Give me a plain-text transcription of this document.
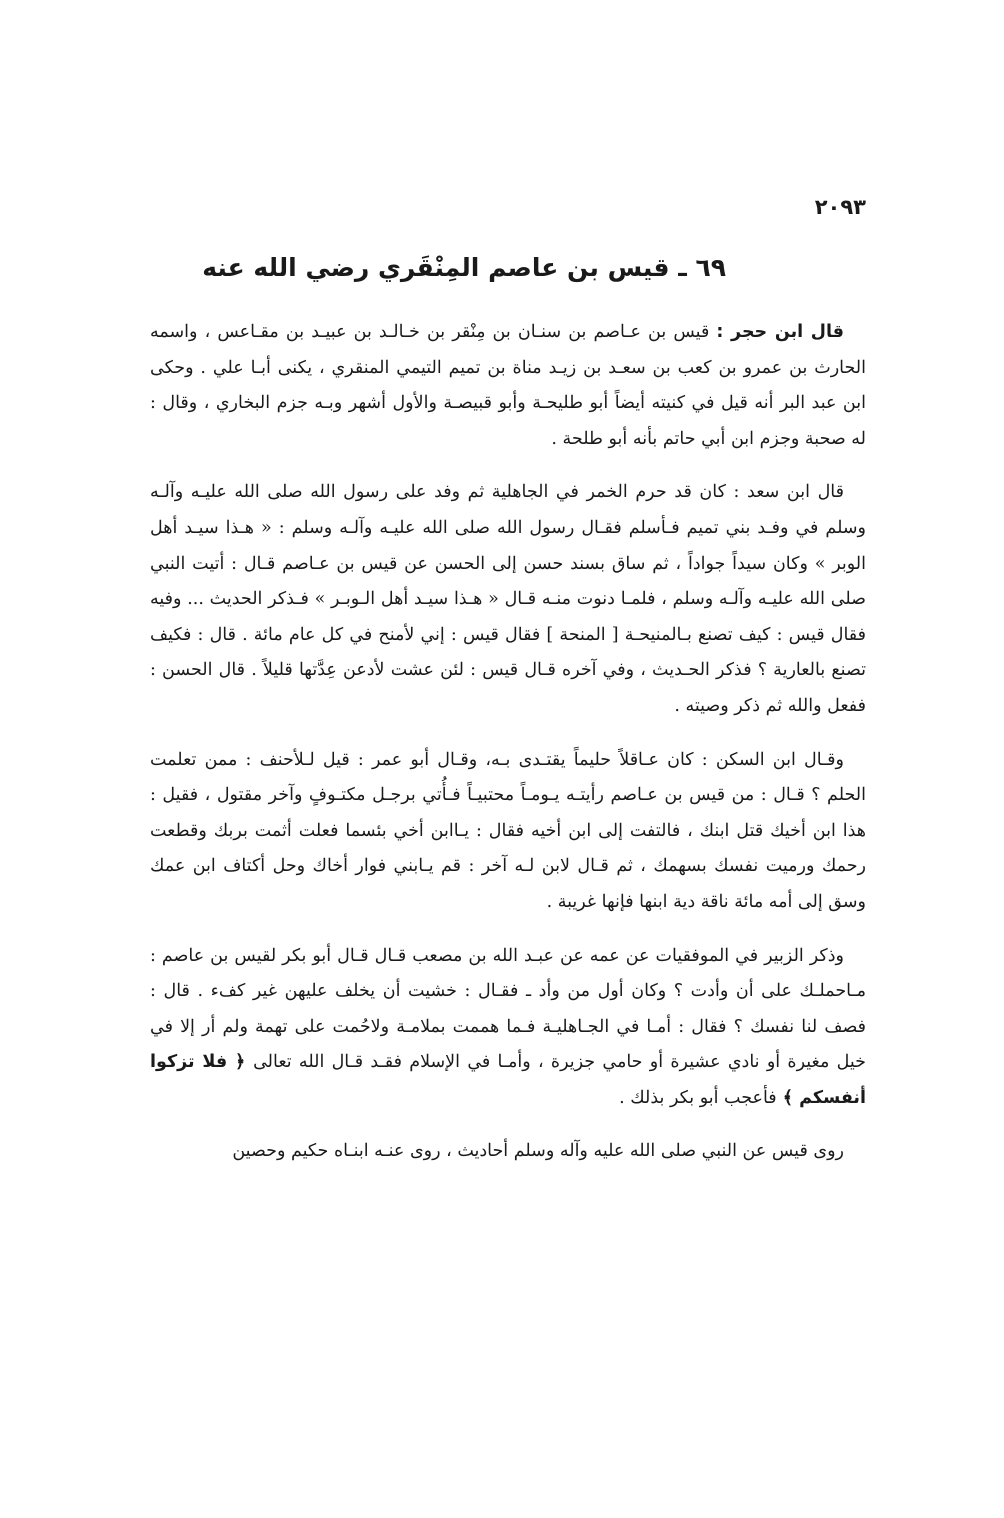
٢٠٩٣
٦٩ ـ قيس بن عاصم المِنْقَري رضي الله عنه

قال ابن حجر : قيس بن عـاصم بن سنـان بن مِنْقر بن خـالـد بن عبيـد بن مقـاعس ، واسمه الحارث بن عمرو بن كعب بن سعـد بن زيـد مناة بن تميم التيمي المنقري ، يكنى أبـا علي . وحكى ابن عبد البر أنه قيل في كنيته أيضاً أبو طليحـة وأبو قبيصـة والأول أشهر وبـه جزم البخاري ، وقال : له صحبة وجزم ابن أبي حاتم بأنه أبو طلحة .

قال ابن سعد : كان قد حرم الخمر في الجاهلية ثم وفد على رسول الله صلى الله عليـه وآلـه وسلم في وفـد بني تميم فـأسلم فقـال رسول الله صلى الله عليـه وآلـه وسلم : « هـذا سيـد أهل الوبر » وكان سيداً جواداً ، ثم ساق بسند حسن إلى الحسن عن قيس بن عـاصم قـال : أتيت النبي صلى الله عليـه وآلـه وسلم ، فلمـا دنوت منـه قـال « هـذا سيـد أهل الـوبـر » فـذكر الحديث ... وفيه فقال قيس : كيف تصنع بـالمنيحـة [ المنحة ] فقال قيس : إني لأمنح في كل عام مائة . قال : فكيف تصنع بالعارية ؟ فذكر الحـديث ، وفي آخره قـال قيس : لئن عشت لأدعن عِدَّتها قليلاً . قال الحسن : ففعل والله ثم ذكر وصيته .

وقـال ابن السكن : كان عـاقلاً حليماً يقتـدى بـه، وقـال أبو عمر : قيل لـلأحنف : ممن تعلمت الحلم ؟ قـال : من قيس بن عـاصم رأيتـه يـومـاً محتبيـاً فـأُتي برجـل مكتـوفٍ وآخر مقتول ، فقيل : هذا ابن أخيك قتل ابنك ، فالتفت إلى ابن أخيه فقال : يـاابن أخي بئسما فعلت أثمت بربك وقطعت رحمك ورميت نفسك بسهمك ، ثم قـال لابن لـه آخر : قم يـابني فوار أخاك وحل أكتاف ابن عمك وسق إلى أمه مائة ناقة دية ابنها فإنها غريبة .

وذكر الزبير في الموفقيات عن عمه عن عبـد الله بن مصعب قـال قـال أبو بكر لقيس بن عاصم : مـاحملـك على أن وأدت ؟ وكان أول من وأد ـ فقـال : خشيت أن يخلف عليهن غير كفء . قال : فصف لنا نفسك ؟ فقال : أمـا في الجـاهليـة فـما هممت بملامـة ولاحُمت على تهمة ولم أر إلا في خيل مغيرة أو نادي عشيرة أو حامي جزيرة ، وأمـا في الإسلام فقـد قـال الله تعالى ﴿ فلا تزكوا أنفسكم ﴾ فأعجب أبو بكر بذلك .

روى قيس عن النبي صلى الله عليه وآله وسلم أحاديث ، روى عنـه ابنـاه حكيم وحصين
